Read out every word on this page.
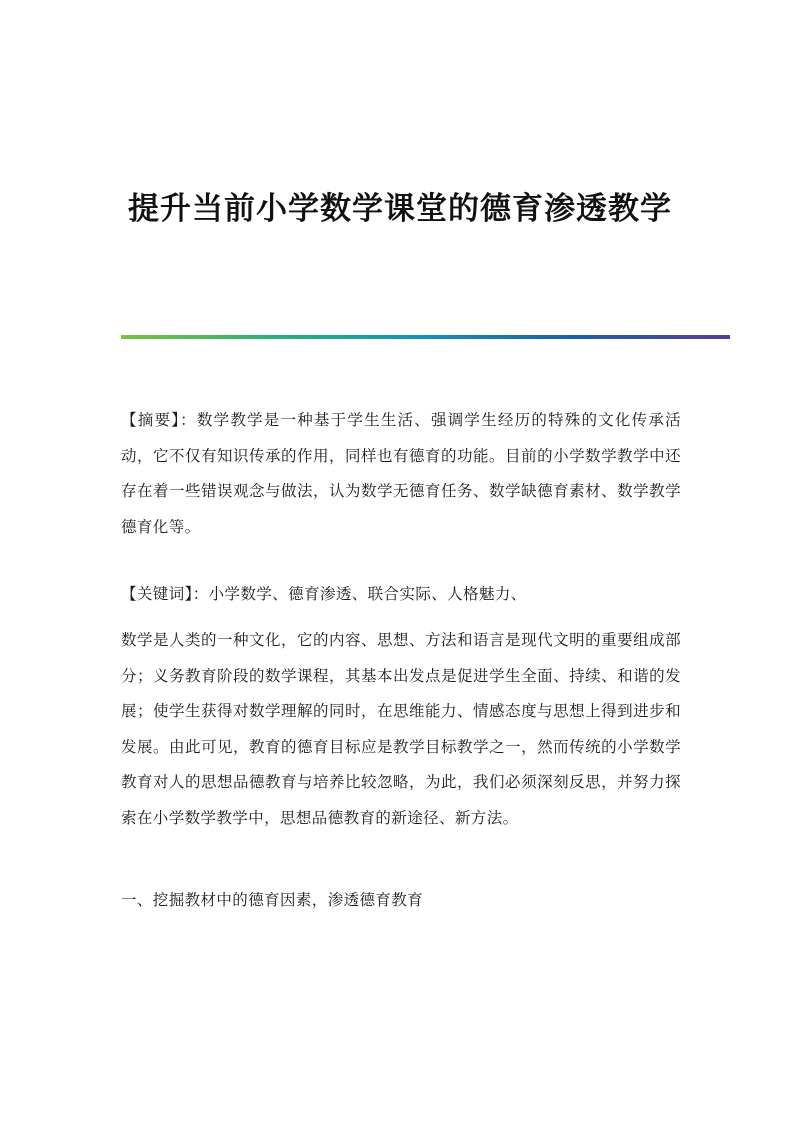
提升当前小学数学课堂的德育渗透教学

【摘要】：数学教学是一种基于学生生活、强调学生经历的特殊的文化传承活动，它不仅有知识传承的作用，同样也有德育的功能。目前的小学数学教学中还存在着一些错误观念与做法，认为数学无德育任务、数学缺德育素材、数学教学德育化等。

【关键词】：小学数学、德育渗透、联合实际、人格魅力、

数学是人类的一种文化，它的内容、思想、方法和语言是现代文明的重要组成部分；义务教育阶段的数学课程，其基本出发点是促进学生全面、持续、和谐的发展；使学生获得对数学理解的同时，在思维能力、情感态度与思想上得到进步和发展。由此可见，教育的德育目标应是教学目标教学之一，然而传统的小学数学教育对人的思想品德教育与培养比较忽略，为此，我们必须深刻反思，并努力探索在小学数学教学中，思想品德教育的新途径、新方法。

一、挖掘教材中的德育因素，渗透德育教育
